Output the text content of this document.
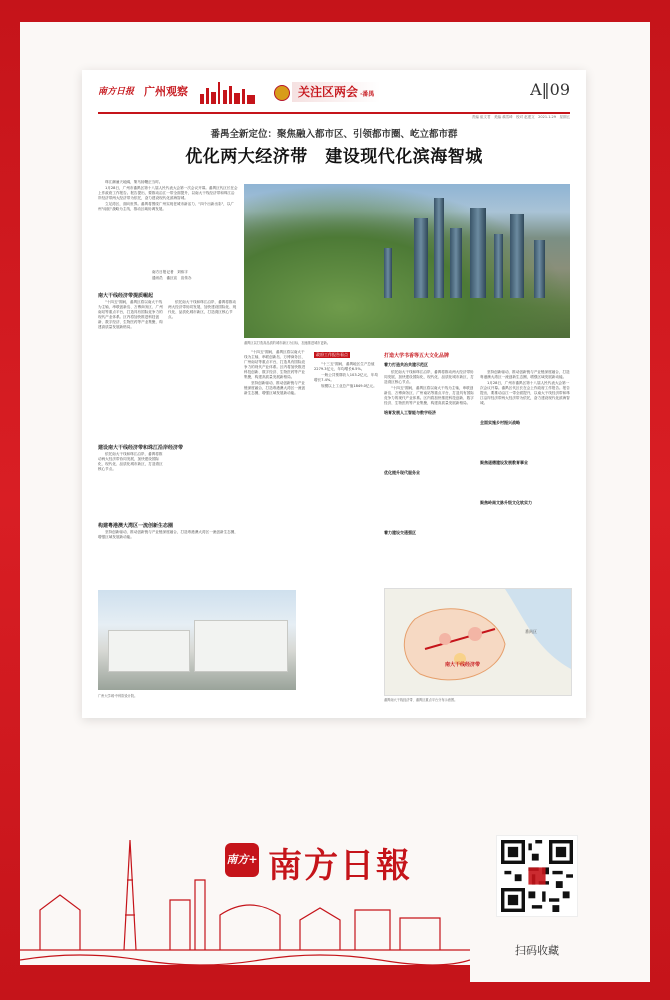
南方日报 广州观察	关注区两会 ·番禺	A‖09
责编 崔文君　美编 翁雪琦　校对 赵建文　2021.1.29　星期五
番禺全新定位：聚焦融入都市区、引领都市圈、屹立都市群
优化两大经济带　建设现代化滨海智城

珠江潮涌天地阔，策马扬鞭正当时。

1月28日，广州市番禺区第十八届人民代表大会第一次会议开幕。番禺区代区长在会上作政府工作报告。报告提出，要推动沿江一带全面提升，以南大干线经济带和珠江沿岸经济带两大经济带为依托，奋力建设现代化滨海智城。

立足湾区，面向世界。番禺将围绕广州实现老城市新活力、"四个出新出彩"，以广州"南拓"战略为主线，推动区域协调发展。

南方日报记者　刘伟宇
通讯员　番区宣　宣传办
番禺区以打造高品质的城市新区为目标，加速推进城市更新。
南大干线经济带提质崛起

"十四五"期间，番禺区将以南大干线为主轴，串联创新岛、万博商务区、广州南站等重点平台，打造具有国际竞争力的现代产业体系。区内将加快推进科技创新、数字经济、生物医药等产业集聚，构建高质量发展新格局。

依托南大干线和珠江沿岸，番禺将推动两大经济带协同发展，加快建设国际化、现代化、品质化城市新区，打造湾区核心节点。

建设南大干线经济带和珠江沿岸经济带

依托南大干线和珠江沿岸，番禺将推动两大经济带协同发展，加快建设国际化、现代化、品质化城市新区，打造湾区核心节点。

构建粤港澳大湾区一流创新生态圈

坚持创新驱动，推动创新链与产业链深度融合，打造粤港澳大湾区一流创新生态圈，增强区域发展新动能。

"十四五"期间，番禺区将以南大干线为主轴，串联创新岛、万博商务区、广州南站等重点平台，打造具有国际竞争力的现代产业体系。区内将加快推进科技创新、数字经济、生物医药等产业集聚，构建高质量发展新格局。

坚持创新驱动，推动创新链与产业链深度融合，打造粤港澳大湾区一流创新生态圈，增强区域发展新动能。

政府工作报告看点

"十三五"期间，番禺地区生产总值2279.3亿元，年均增长6.5%。

一般公共预算收入103.2亿元，年均增长7.4%。

规模以上工业总产值1849.0亿元。

打造大学书香等五大文化品牌
着力打造共治共建示范区
培育发展人工智能与数字经济
优化提升现代服务业
着力建设交通强区
全面实施乡村振兴战略
聚焦道德建设发展教育事业
聚焦岭南文脉升级文化软实力

依托南大干线和珠江沿岸，番禺将推动两大经济带协同发展，加快建设国际化、现代化、品质化城市新区，打造湾区核心节点。

"十四五"期间，番禺区将以南大干线为主轴，串联创新岛、万博商务区、广州南站等重点平台，打造具有国际竞争力的现代产业体系。区内将加快推进科技创新、数字经济、生物医药等产业集聚，构建高质量发展新格局。

坚持创新驱动，推动创新链与产业链深度融合，打造粤港澳大湾区一流创新生态圈，增强区域发展新动能。

1月28日，广州市番禺区第十八届人民代表大会第一次会议开幕。番禺区代区长在会上作政府工作报告。报告提出，要推动沿江一带全面提升，以南大干线经济带和珠江沿岸经济带两大经济带为依托，奋力建设现代化滨海智城。

广州大学城·中科院设计院。
南大干线经济带
番禺区
番禺南大干线经济带、番禺区重点平台分布示意图。
南方+ 南方日報
扫码收藏
